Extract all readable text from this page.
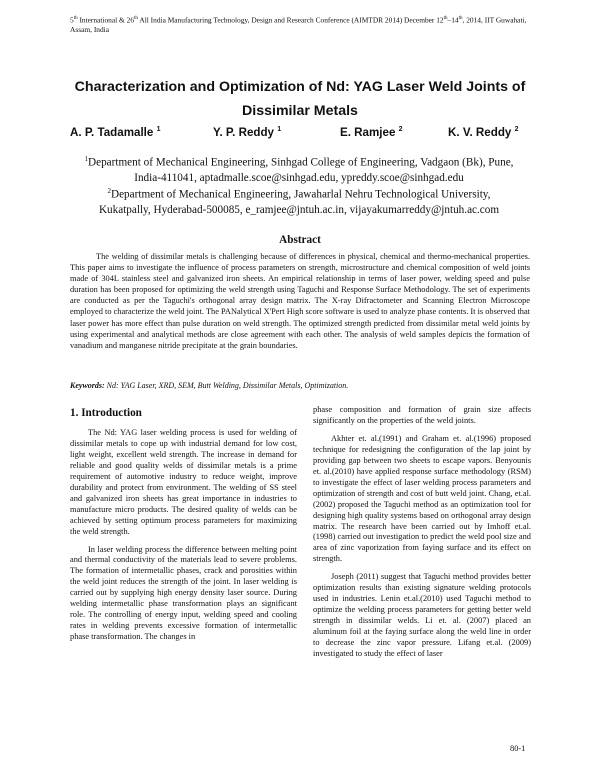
5th International & 26th All India Manufacturing Technology, Design and Research Conference (AIMTDR 2014) December 12th–14th, 2014, IIT Guwahati, Assam, India
Characterization and Optimization of Nd: YAG Laser Weld Joints of
Dissimilar Metals
A. P. Tadamalle $^1$	Y. P. Reddy $^1$	E. Ramjee $^2$	K. V. Reddy $^2$
$^1$Department of Mechanical Engineering, Sinhgad College of Engineering, Vadgaon (Bk), Pune,
India-411041, aptadmalle.scoe@sinhgad.edu, ypreddy.scoe@sinhgad.edu
$^2$Department of Mechanical Engineering, Jawaharlal Nehru Technological University,
Kukatpally, Hyderabad-500085, e_ramjee@jntuh.ac.in, vijayakumarreddy@jntuh.ac.com
Abstract
The welding of dissimilar metals is challenging because of differences in physical, chemical and thermo-mechanical properties. This paper aims to investigate the influence of process parameters on strength, microstructure and chemical composition of weld joints made of 304L stainless steel and galvanized iron sheets. An empirical relationship in terms of laser power, welding speed and pulse duration has been proposed for optimizing the weld strength using Taguchi and Response Surface Methodology. The set of experiments are conducted as per the Taguchi's orthogonal array design matrix. The X-ray Difractometer and Scanning Electron Microscope employed to characterize the weld joint. The PANalytical X'Pert High score software is used to analyze phase contents. It is observed that laser power has more effect than pulse duration on weld strength. The optimized strength predicted from dissimilar metal weld joints by using experimental and analytical methods are close agreement with each other. The analysis of weld samples depicts the formation of vanadium and manganese nitride precipitate at the grain boundaries.
Keywords: Nd: YAG Laser, XRD, SEM, Butt Welding, Dissimilar Metals, Optimization.
1. Introduction

The Nd: YAG laser welding process is used for welding of dissimilar metals to cope up with industrial demand for low cost, light weight, excellent weld strength. The increase in demand for reliable and good quality welds of dissimilar metals is a prime requirement of automotive industry to reduce weight, improve durability and protect from environment. The welding of SS steel and galvanized iron sheets has great importance in industries to manufacture micro products. The desired quality of welds can be achieved by setting optimum process parameters for maximizing the weld strength.

In laser welding process the difference between melting point and thermal conductivity of the materials lead to severe problems. The formation of intermetallic phases, crack and porosities within the weld joint reduces the strength of the joint. In laser welding is carried out by supplying high energy density laser source. During welding intermetallic phase transformation plays an significant role. The controlling of energy input, welding speed and cooling rates in welding prevents excessive formation of intermetallic phase transformation. The changes in

phase composition and formation of grain size affects significantly on the properties of the weld joints.

Akhter et. al.(1991) and Graham et. al.(1996) proposed technique for redesigning the configuration of the lap joint by providing gap between two sheets to escape vapors. Benyounis et. al.(2010) have applied response surface methodology (RSM) to investigate the effect of laser welding process parameters and optimization of strength and cost of butt weld joint. Chang, et.al.(2002) proposed the Taguchi method as an optimization tool for designing high quality systems based on orthogonal array design matrix. The research have been carried out by Imhoff et.al.(1998) carried out investigation to predict the weld pool size and area of zinc vaporization from faying surface and its effect on strength.

Joseph (2011) suggest that Taguchi method provides better optimization results than existing signature welding protocols used in industries. Lenin et.al.(2010) used Taguchi method to optimize the welding process parameters for getting better weld strength in dissimilar welds. Li et. al. (2007) placed an aluminum foil at the faying surface along the weld line in order to decrease the zinc vapor pressure. Lifang et.al. (2009) investigated to study the effect of laser

80-1
